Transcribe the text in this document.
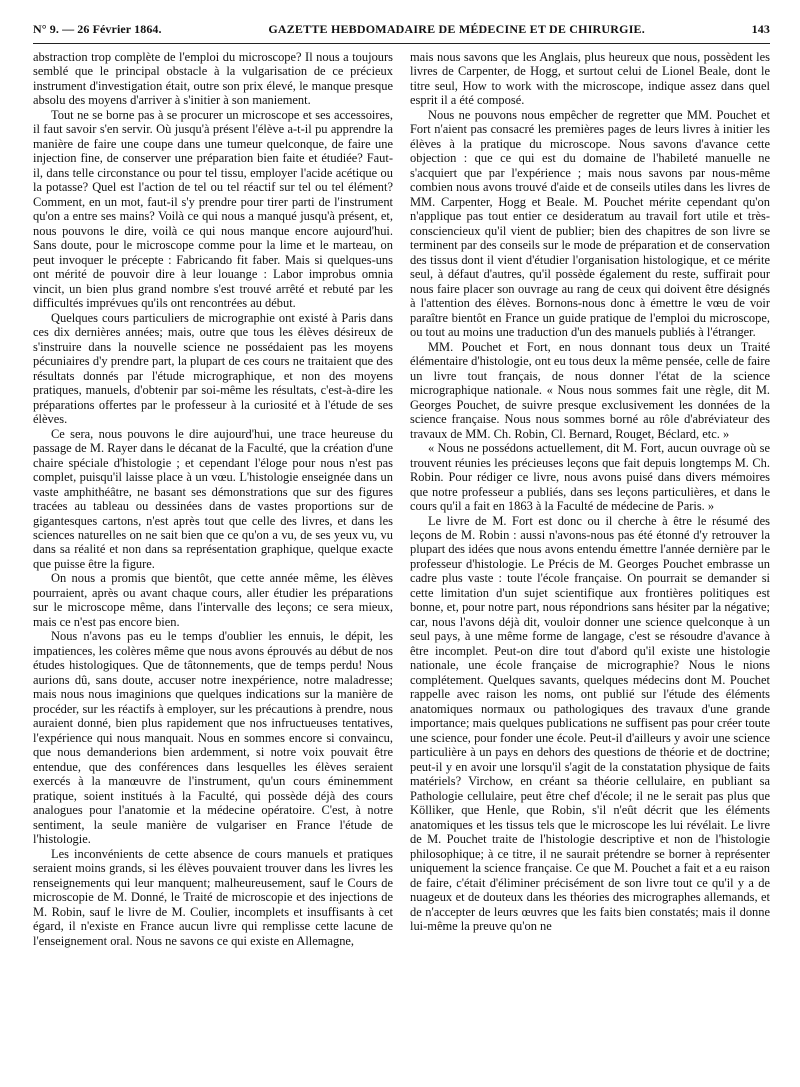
N° 9. — 26 Février 1864.	GAZETTE HEBDOMADAIRE DE MÉDECINE ET DE CHIRURGIE.	143

abstraction trop complète de l'emploi du microscope? Il nous a toujours semblé que le principal obstacle à la vulgarisation de ce précieux instrument d'investigation était, outre son prix élevé, le manque presque absolu des moyens d'arriver à s'initier à son maniement.

Tout ne se borne pas à se procurer un microscope et ses accessoires, il faut savoir s'en servir. Où jusqu'à présent l'élève a-t-il pu apprendre la manière de faire une coupe dans une tumeur quelconque, de faire une injection fine, de conserver une préparation bien faite et étudiée? Faut-il, dans telle circonstance ou pour tel tissu, employer l'acide acétique ou la potasse? Quel est l'action de tel ou tel réactif sur tel ou tel élément? Comment, en un mot, faut-il s'y prendre pour tirer parti de l'instrument qu'on a entre ses mains? Voilà ce qui nous a manqué jusqu'à présent, et, nous pouvons le dire, voilà ce qui nous manque encore aujourd'hui. Sans doute, pour le microscope comme pour la lime et le marteau, on peut invoquer le précepte : Fabricando fit faber. Mais si quelques-uns ont mérité de pouvoir dire à leur louange : Labor improbus omnia vincit, un bien plus grand nombre s'est trouvé arrêté et rebuté par les difficultés imprévues qu'ils ont rencontrées au début.

Quelques cours particuliers de micrographie ont existé à Paris dans ces dix dernières années; mais, outre que tous les élèves désireux de s'instruire dans la nouvelle science ne possédaient pas les moyens pécuniaires d'y prendre part, la plupart de ces cours ne traitaient que des résultats donnés par l'étude micrographique, et non des moyens pratiques, manuels, d'obtenir par soi-même les résultats, c'est-à-dire les préparations offertes par le professeur à la curiosité et à l'étude de ses élèves.

Ce sera, nous pouvons le dire aujourd'hui, une trace heureuse du passage de M. Rayer dans le décanat de la Faculté, que la création d'une chaire spéciale d'histologie ; et cependant l'éloge pour nous n'est pas complet, puisqu'il laisse place à un vœu. L'histologie enseignée dans un vaste amphithéâtre, ne basant ses démonstrations que sur des figures tracées au tableau ou dessinées dans de vastes proportions sur de gigantesques cartons, n'est après tout que celle des livres, et dans les sciences naturelles on ne sait bien que ce qu'on a vu, de ses yeux vu, vu dans sa réalité et non dans sa représentation graphique, quelque exacte que puisse être la figure.

On nous a promis que bientôt, que cette année même, les élèves pourraient, après ou avant chaque cours, aller étudier les préparations sur le microscope même, dans l'intervalle des leçons; ce sera mieux, mais ce n'est pas encore bien.

Nous n'avons pas eu le temps d'oublier les ennuis, le dépit, les impatiences, les colères même que nous avons éprouvés au début de nos études histologiques. Que de tâtonnements, que de temps perdu! Nous aurions dû, sans doute, accuser notre inexpérience, notre maladresse; mais nous nous imaginions que quelques indications sur la manière de procéder, sur les réactifs à employer, sur les précautions à prendre, nous auraient donné, bien plus rapidement que nos infructueuses tentatives, l'expérience qui nous manquait. Nous en sommes encore si convaincu, que nous demanderions bien ardemment, si notre voix pouvait être entendue, que des conférences dans lesquelles les élèves seraient exercés à la manœuvre de l'instrument, qu'un cours éminemment pratique, soient institués à la Faculté, qui possède déjà des cours analogues pour l'anatomie et la médecine opératoire. C'est, à notre sentiment, la seule manière de vulgariser en France l'étude de l'histologie.

Les inconvénients de cette absence de cours manuels et pratiques seraient moins grands, si les élèves pouvaient trouver dans les livres les renseignements qui leur manquent; malheureusement, sauf le Cours de microscopie de M. Donné, le Traité de microscopie et des injections de M. Robin, sauf le livre de M. Coulier, incomplets et insuffisants à cet égard, il n'existe en France aucun livre qui remplisse cette lacune de l'enseignement oral. Nous ne savons ce qui existe en Allemagne,

mais nous savons que les Anglais, plus heureux que nous, possèdent les livres de Carpenter, de Hogg, et surtout celui de Lionel Beale, dont le titre seul, How to work with the microscope, indique assez dans quel esprit il a été composé.

Nous ne pouvons nous empêcher de regretter que MM. Pouchet et Fort n'aient pas consacré les premières pages de leurs livres à initier les élèves à la pratique du microscope. Nous savons d'avance cette objection : que ce qui est du domaine de l'habileté manuelle ne s'acquiert que par l'expérience ; mais nous savons par nous-même combien nous avons trouvé d'aide et de conseils utiles dans les livres de MM. Carpenter, Hogg et Beale. M. Pouchet mérite cependant qu'on n'applique pas tout entier ce desideratum au travail fort utile et très-consciencieux qu'il vient de publier; bien des chapitres de son livre se terminent par des conseils sur le mode de préparation et de conservation des tissus dont il vient d'étudier l'organisation histologique, et ce mérite seul, à défaut d'autres, qu'il possède également du reste, suffirait pour nous faire placer son ouvrage au rang de ceux qui doivent être désignés à l'attention des élèves. Bornons-nous donc à émettre le vœu de voir paraître bientôt en France un guide pratique de l'emploi du microscope, ou tout au moins une traduction d'un des manuels publiés à l'étranger.

MM. Pouchet et Fort, en nous donnant tous deux un Traité élémentaire d'histologie, ont eu tous deux la même pensée, celle de faire un livre tout français, de nous donner l'état de la science micrographique nationale. « Nous nous sommes fait une règle, dit M. Georges Pouchet, de suivre presque exclusivement les données de la science française. Nous nous sommes borné au rôle d'abréviateur des travaux de MM. Ch. Robin, Cl. Bernard, Rouget, Béclard, etc. »

« Nous ne possédons actuellement, dit M. Fort, aucun ouvrage où se trouvent réunies les précieuses leçons que fait depuis longtemps M. Ch. Robin. Pour rédiger ce livre, nous avons puisé dans divers mémoires que notre professeur a publiés, dans ses leçons particulières, et dans le cours qu'il a fait en 1863 à la Faculté de médecine de Paris. »

Le livre de M. Fort est donc ou il cherche à être le résumé des leçons de M. Robin : aussi n'avons-nous pas été étonné d'y retrouver la plupart des idées que nous avons entendu émettre l'année dernière par le professeur d'histologie. Le Précis de M. Georges Pouchet embrasse un cadre plus vaste : toute l'école française. On pourrait se demander si cette limitation d'un sujet scientifique aux frontières politiques est bonne, et, pour notre part, nous répondrions sans hésiter par la négative; car, nous l'avons déjà dit, vouloir donner une science quelconque à un seul pays, à une même forme de langage, c'est se résoudre d'avance à être incomplet. Peut-on dire tout d'abord qu'il existe une histologie nationale, une école française de micrographie? Nous le nions complétement. Quelques savants, quelques médecins dont M. Pouchet rappelle avec raison les noms, ont publié sur l'étude des éléments anatomiques normaux ou pathologiques des travaux d'une grande importance; mais quelques publications ne suffisent pas pour créer toute une science, pour fonder une école. Peut-il d'ailleurs y avoir une science particulière à un pays en dehors des questions de théorie et de doctrine; peut-il y en avoir une lorsqu'il s'agit de la constatation physique de faits matériels? Virchow, en créant sa théorie cellulaire, en publiant sa Pathologie cellulaire, peut être chef d'école; il ne le serait pas plus que Kölliker, que Henle, que Robin, s'il n'eût décrit que les éléments anatomiques et les tissus tels que le microscope les lui révélait. Le livre de M. Pouchet traite de l'histologie descriptive et non de l'histologie philosophique; à ce titre, il ne saurait prétendre se borner à représenter uniquement la science française. Ce que M. Pouchet a fait et a eu raison de faire, c'était d'éliminer précisément de son livre tout ce qu'il y a de nuageux et de douteux dans les théories des micrographes allemands, et de n'accepter de leurs œuvres que les faits bien constatés; mais il donne lui-même la preuve qu'on ne
